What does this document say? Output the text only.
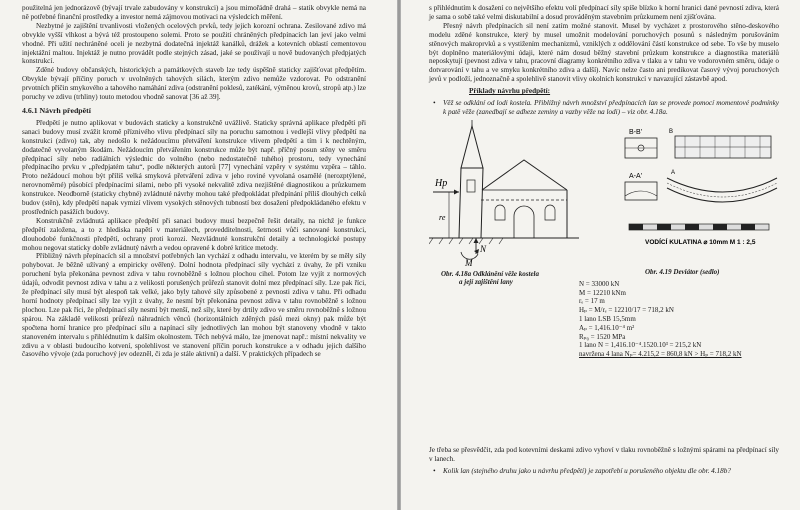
použitelná jen jednorázově (bývají trvale zabudovány v konstrukci) a jsou mimořádně drahá – statik obvykle nemá na ně potřebné finanční prostředky a investor nemá zájmovou motivaci na výsledcích měření.

Nezbytné je zajištění trvanlivosti vložených ocelových prvků, tedy jejich korozní ochrana. Zesilované zdivo má obvykle vyšší vlhkost a bývá též prostoupeno solemi. Proto se použití chráněných předpínacích lan jeví jako velmi vhodné. Při užití nechráněné oceli je nezbytná dodatečná injektáž kanálků, drážek a kotevních oblastí cementovou injektážní maltou. Injektáž je nutno provádět podle stejných zásad, jaké se používají u nově budovaných předpjatých konstrukcí.

Zděné budovy občanských, historických a památkových staveb lze tedy úspěšně staticky zajišťovat předpětím. Obvykle bývají příčiny poruch v uvolněných tahových silách, kterým zdivo nemůže vzdorovat. Po odstranění prvotních příčin smykového a tahového namáhání zdiva (odstranění poklesů, zatékání, výměnou krovů, stropů atp.) lze poruchy ve zdivu (trhliny) touto metodou vhodně sanovat [36 až 39].

4.6.1 Návrh předpětí

Předpětí je nutno aplikovat v budovách staticky a konstrukčně uvážlivě. Staticky správná aplikace předpětí při sanaci budovy musí zvážit kromě příznivého vlivu předpínací síly na poruchu samotnou i vedlejší vlivy předpětí na konstrukci (zdivo) tak, aby nedošlo k nežádoucímu přetváření konstrukce vlivem předpětí a tím i k nechtěným, dodatečně vyvolaným škodám. Nežádoucím přetvářením konstrukce může být např. příčný posun stěny ve směru předpínací síly nebo radiálních výslednic do volného (nebo nedostatečně tuhého) prostoru, tedy vynechání předpínacího prvku v „předpjatém tahu“, podle některých autorů [77] vynechání vzpěry v systému vzpěra – táhlo. Proto nežádoucí mohou být příliš velká smyková přetváření zdiva v jeho roviné vyvolaná osamělé (nerozptýlené, nerovnoměrné) působící předpínacími silami, nebo při vysoké nekvalitě zdiva nezjištěné diagnostikou a průzkumem konstrukce. Neodborně (staticky chybné) zvládnuté návrhy mohou také předpokládat předpínání příliš dlouhých celků budov (stěn), kdy předpětí napak vymizí vlivem vysokých stěnových tubností bez dosažení předpokládaného efektu v prostředních pasážích budovy.

Konstrukčně zvládnutá aplikace předpětí při sanaci budovy musí bezpečně řešit detaily, na nichž je funkce předpětí založena, a to z hlediska napětí v materiálech, provedditelnosti, šetrnosti vůči sanované konstrukci, dlouhodobé funkčnosti předpětí, ochrany proti korozi. Nezvládnuté konstrukční detaily a technologické postupy mohou negovat staticky dobře zvládnutý návrh a vedou opravené k dobré kritice metody.

Přibližný návrh přepínacích sil a množství potřebných lan vychází z odhadu intervalu, ve kterém by se měly síly pohybovat. Je běžně užívaný a empiricky ověřený. Dolní hodnota předpínací síly vychází z úvahy, že při vzniku poruchení byla překonána pevnost zdiva v tahu rovnoběžně s ložnou plochou cihel. Potom lze vyjít z normových údajů, odvodit pevnost zdiva v tahu a z velikosti porušených průřezů stanovit dolní mez předpínací síly. Lze pak říci, že předpínací síly musí být alespoň tak velké, jako byly tahové síly způsobené z pevnosti zdiva v tahu. Při odhadu horní hodnoty předpínací síly lze vyjít z úvahy, že nesmí být překonána pevnost zdiva v tahu rovnoběžně s ložnou plochou. Lze pak říci, že předpínací síly nesmí být menší, než síly, které by drtily zdivo ve směru rovnoběžně s ložnou spárou. Na základě velikosti průřezů náhradních věnců (horizontálních zděných pásů mezi okny) pak může být spočtena horní hranice pro předpínací sílu a napínací síly jednotlivých lan mohou být stanoveny vhodně v takto stanoveném intervalu s přihlédnutím k dalším okolnostem. Těch nebývá málo, lze jmenovat např.: místní nekvality ve zdivu a v oblasti budoucího kotvení, spolehlivost ve stanovení příčin poruch konstrukce a v odhadu jejich dalšího časového vývoje (zda poruchový jev odezněl, či zda je stále aktivní) a další. V praktických případech se

s přihlédnutím k dosažení co největšího efektu volí předpínací síly spíše blízko k horní hranici dané pevností zdiva, která je sama o sobě také velmi diskutabilní a dosud prováděným stavebním průzkumem není zjišťována.

Přesný návrh předpínacích sil není zatím možné stanovit. Musel by vycházet z prostorového stěno-deskového modelu zděné konstrukce, který by musel umožnit modelování poruchových posunů s následným porušováním stěnových makroprvků a s vystižením mechanizmů, vzniklých z oddělování částí konstrukce od sebe. To vše by muselo být doplněno materiálovými údaji, které nám dosud běžný stavební průzkum konstrukce a diagnostika materiálů neposkytují (pevnost zdiva v tahu, pracovní diagramy konkrétního zdiva v tlaku a v tahu ve vodorovném směru, údaje o dotvarování v tahu a ve smyku konkrétního zdiva a další). Navíc nelze často ani predikovat časový vývoj poruchových jevů v podloží, jednoznačně a spolehlivě stanovit vlivy okolních konstrukcí v navazující zástavbě apod.

Příklady návrhu předpětí:
• Věž se odklání od lodi kostela. Přibližný návrh množství předpínacích lan se provede pomocí momentové podmínky k patě věže (zanedbají se adheze zeminy a vazby věže na lodi) – viz obr. 4.18a.
Hp
re
N
M
B-B'	B
A-A'	A
VODÍCÍ KULATINA ⌀ 10mm M 1 : 2,5
Obr. 4.18a Odklánění věže kostela
a její zajištění lany
Obr. 4.19 Deviátor (sedlo)
N = 33000 kN
M = 12210 kNm
rₑ = 17 m
Hₚ = M/rₑ = 12210/17 = 718,2 kN
1 lano LSB 15,5mm
Aₚ = 1,416.10⁻⁴ m²
Rₚ₀ = 1520 MPa
1 lano N = 1,416.10⁻⁴.1520.10³ = 215,2 kN
navržena 4 lana Nₚ= 4.215,2 = 860,8 kN > Hₚ = 718,2 kN

Je třeba se přesvědčit, zda pod kotevními deskami zdivo vyhoví v tlaku rovnoběžně s ložnými spárami na předpínací síly v lanech.

• Kolik lan (stejného druhu jako u návrhu předpětí) je zapotřebí u porušeného objektu dle obr. 4.18b?
